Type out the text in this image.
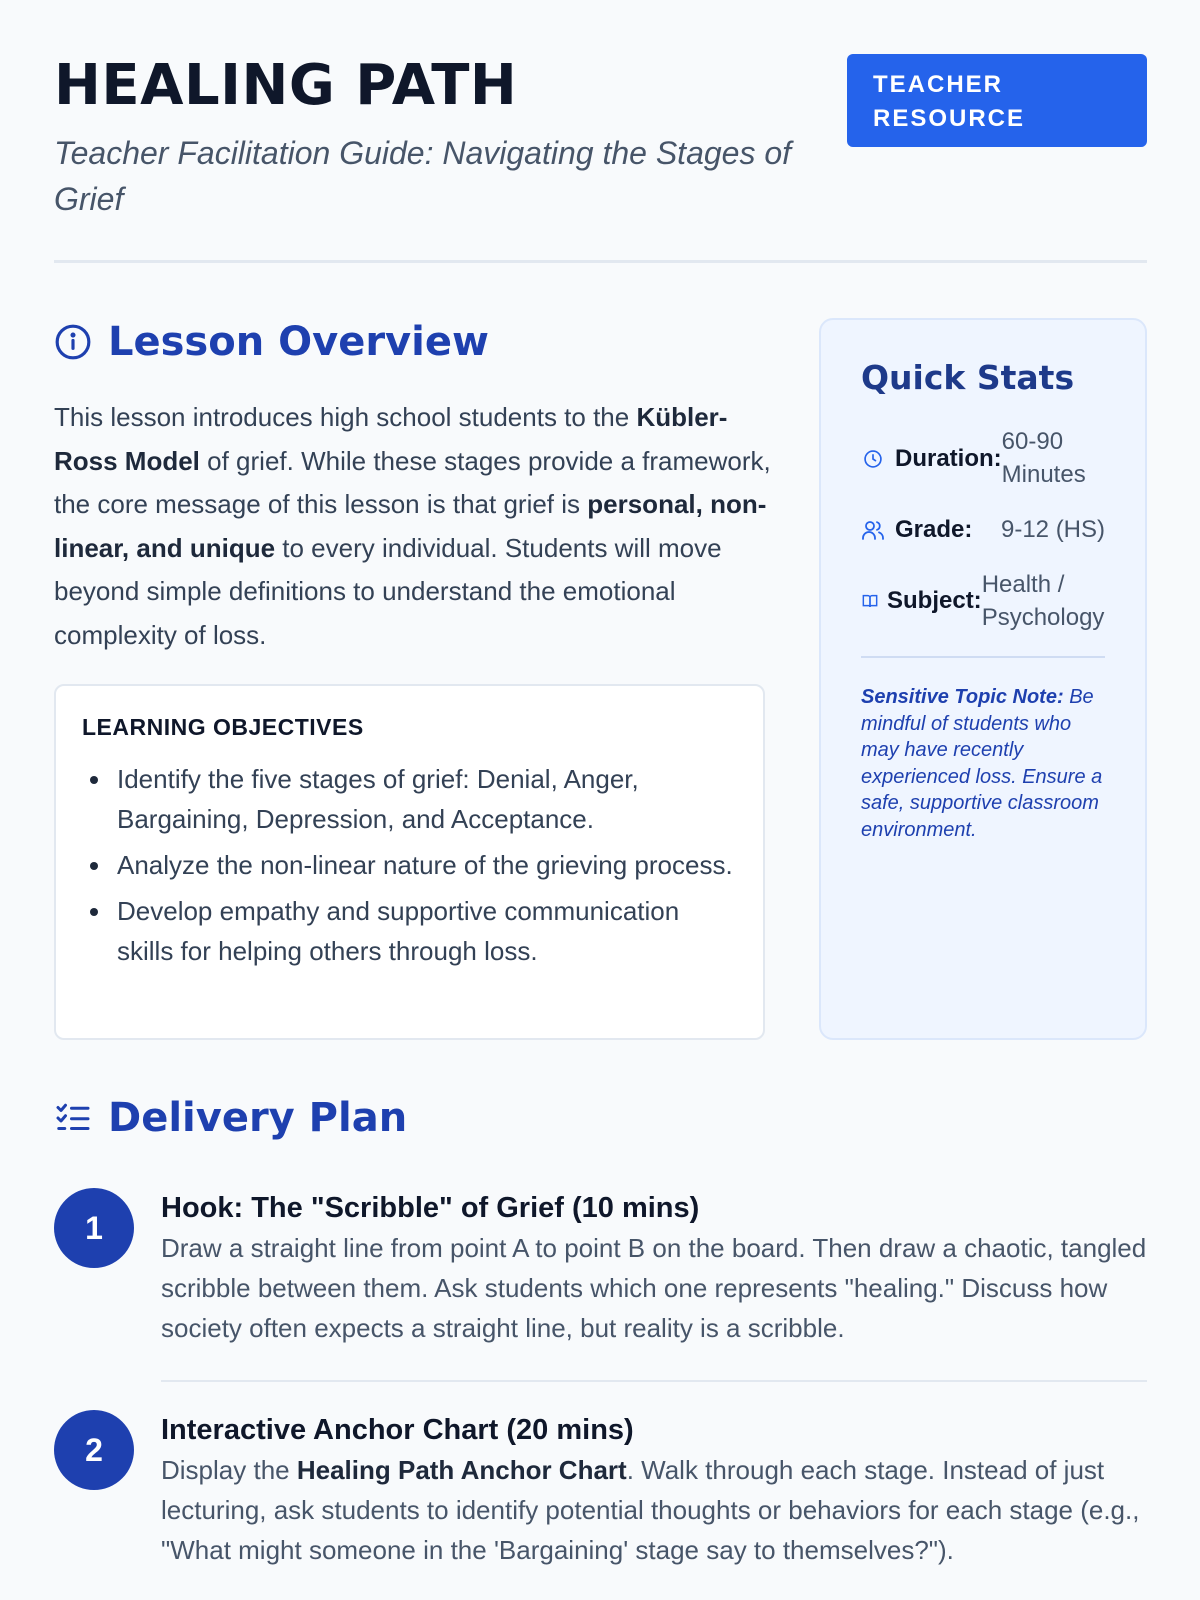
HEALING PATH
Teacher Facilitation Guide: Navigating the Stages of Grief
TEACHER
RESOURCE
Lesson Overview
This lesson introduces high school students to the Kübler-Ross Model of grief. While these stages provide a framework, the core message of this lesson is that grief is personal, non-linear, and unique to every individual. Students will move beyond simple definitions to understand the emotional complexity of loss.
LEARNING OBJECTIVES
Identify the five stages of grief: Denial, Anger, Bargaining, Depression, and Acceptance.
Analyze the non-linear nature of the grieving process.
Develop empathy and supportive communication skills for helping others through loss.
Quick Stats
Duration:
60-90 Minutes
Grade:	9-12 (HS)
Subject:
Health / Psychology
Sensitive Topic Note: Be mindful of students who may have recently experienced loss. Ensure a safe, supportive classroom environment.
Delivery Plan
1
Hook: The "Scribble" of Grief (10 mins)

Draw a straight line from point A to point B on the board. Then draw a chaotic, tangled scribble between them. Ask students which one represents "healing." Discuss how society often expects a straight line, but reality is a scribble.

2
Interactive Anchor Chart (20 mins)

Display the Healing Path Anchor Chart. Walk through each stage. Instead of just lecturing, ask students to identify potential thoughts or behaviors for each stage (e.g., "What might someone in the 'Bargaining' stage say to themselves?").
